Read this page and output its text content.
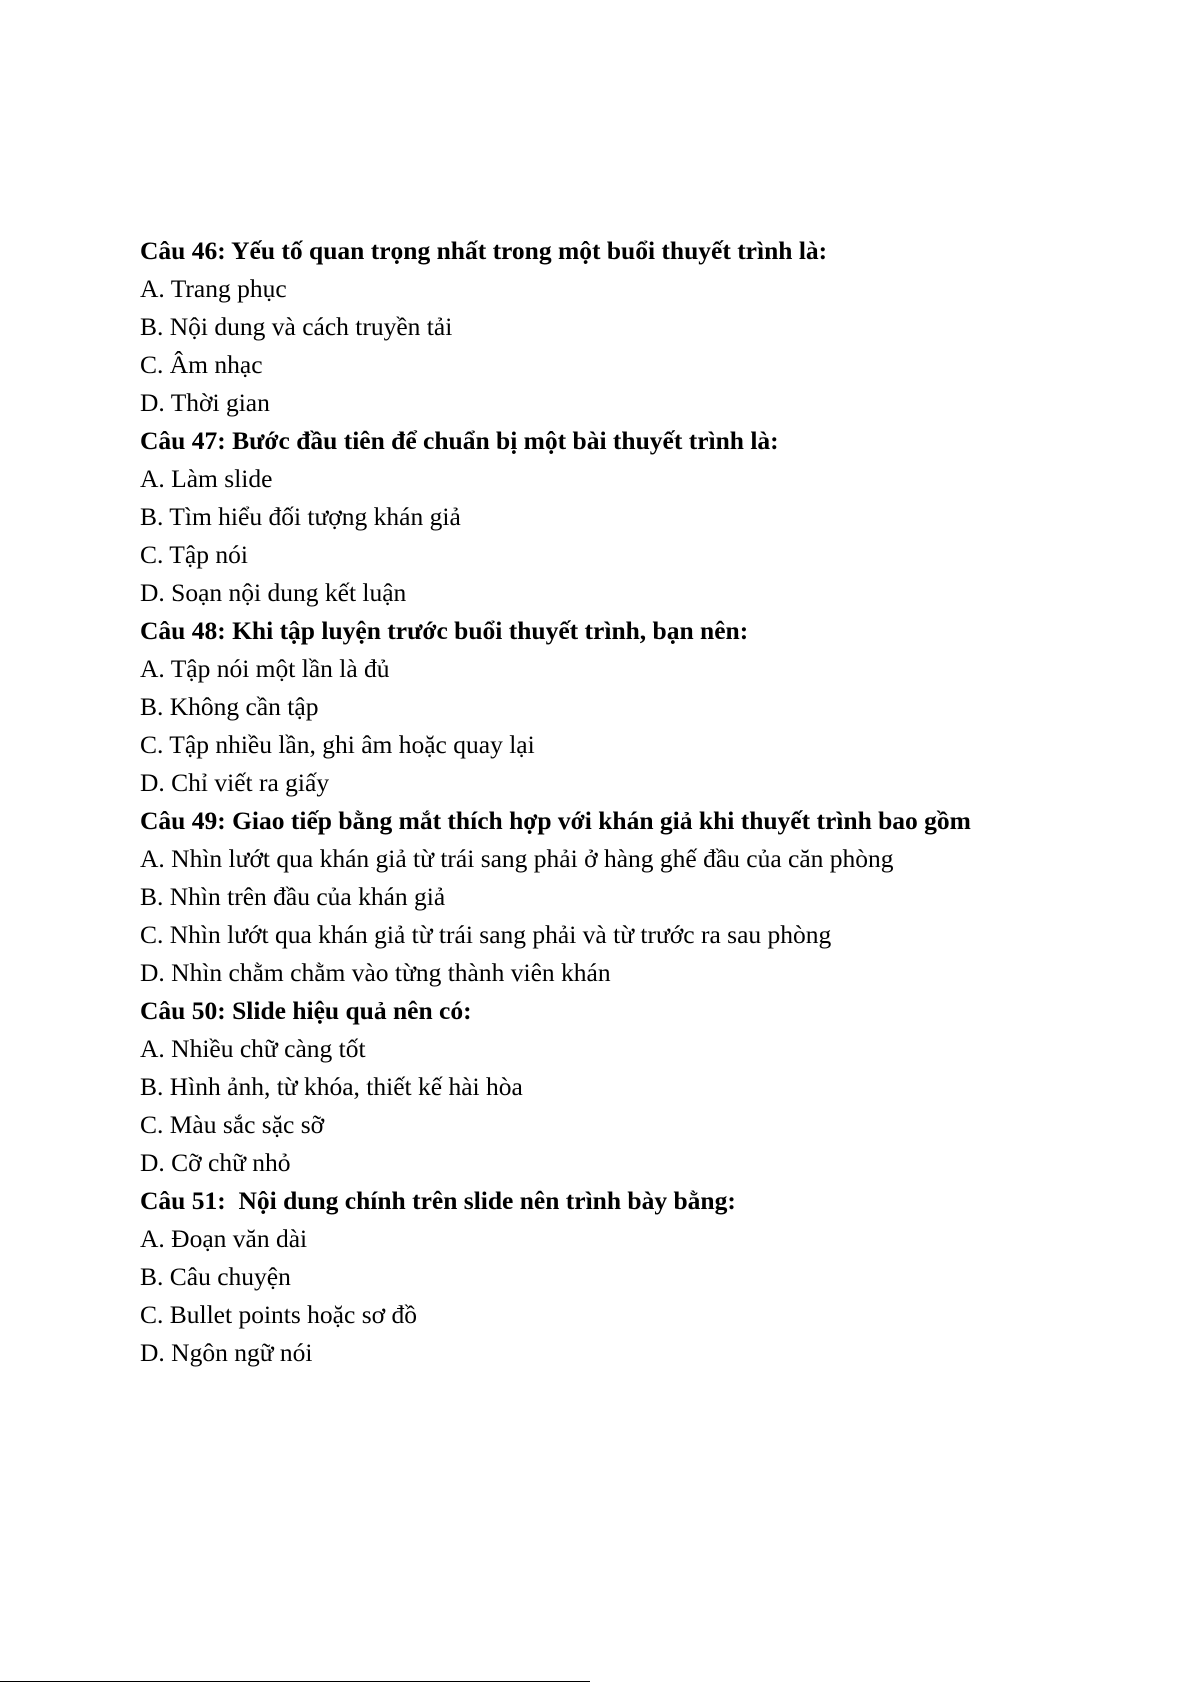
Câu 46: Yếu tố quan trọng nhất trong một buổi thuyết trình là:
A. Trang phục
B. Nội dung và cách truyền tải
C. Âm nhạc
D. Thời gian
Câu 47: Bước đầu tiên để chuẩn bị một bài thuyết trình là:
A. Làm slide
B. Tìm hiểu đối tượng khán giả
C. Tập nói
D. Soạn nội dung kết luận
Câu 48: Khi tập luyện trước buổi thuyết trình, bạn nên:
A. Tập nói một lần là đủ
B. Không cần tập
C. Tập nhiều lần, ghi âm hoặc quay lại
D. Chỉ viết ra giấy
Câu 49: Giao tiếp bằng mắt thích hợp với khán giả khi thuyết trình bao gồm
A. Nhìn lướt qua khán giả từ trái sang phải ở hàng ghế đầu của căn phòng
B. Nhìn trên đầu của khán giả
C. Nhìn lướt qua khán giả từ trái sang phải và từ trước ra sau phòng
D. Nhìn chằm chằm vào từng thành viên khán
Câu 50: Slide hiệu quả nên có:
A. Nhiều chữ càng tốt
B. Hình ảnh, từ khóa, thiết kế hài hòa
C. Màu sắc sặc sỡ
D. Cỡ chữ nhỏ
Câu 51:  Nội dung chính trên slide nên trình bày bằng:
A. Đoạn văn dài
B. Câu chuyện
C. Bullet points hoặc sơ đồ
D. Ngôn ngữ nói
